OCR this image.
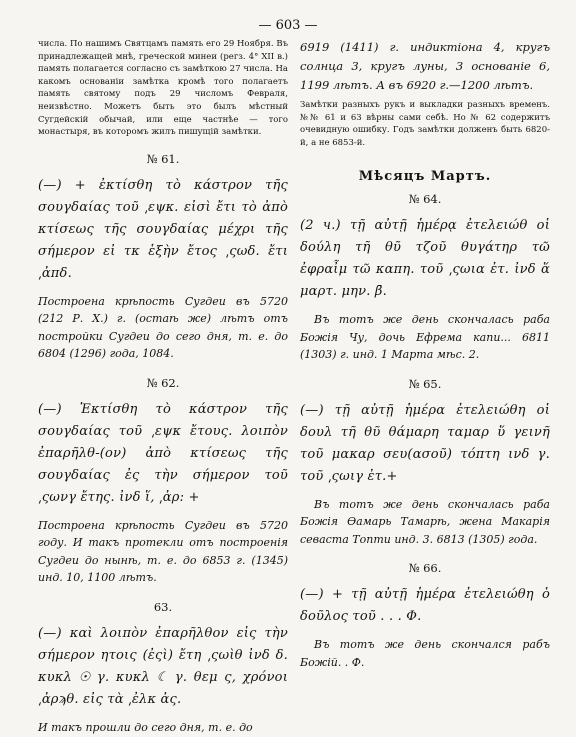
— 603 —

числа. По нашимъ Святцамъ память его 29 Ноября. Въ принадлежащей мнѣ, греческой минеи (регз. 4° XII в.) память полагается согласно съ замѣткою 27 числа. На какомъ основаніи замѣтка кромѣ того полагаетъ память святому подъ 29 числомъ Февраля, неизвѣстно. Можетъ быть это былъ мѣстный Сугдейскій обычай, или еще частнѣе — того монастыря, въ которомъ жилъ пишущій замѣтки.

№ 61.

(—) + ἐκτίσθη τὸ κάστρον τῆς σουγδαίας τοῦ ͵εψκ. εἰσὶ ἔτι τὸ ἀπὸ κτίσεως τῆς σουγδαίας μέχρι τῆς σήμερον εἰ τκ ἑξὴν ἔτος ͵ςωδ. ἔτι ͵ἀπδ.

Построена крѣпость Сугдеи въ 5720 (212 Р. Х.) г. (остаѣ же) лѣтъ отъ постройки Сугдеи до сего дня, т. е. до 6804 (1296) года, 1084.

№ 62.

(—) Ἐκτίσθη τὸ κάστρον τῆς σουγδαίας τοῦ ͵εψκ ἔτους. λοιπὸν ἐπαρῆλθ-(ον) ἀπὸ κτίσεως τῆς σουγδαίας ἐς τὴν σήμερον τοῦ ͵ςωνγ ἔτης. ἰνδ ἵ, ͵ἀρ: +

Построена крѣпость Сугдеи въ 5720 году. И такъ протекли отъ построенія Сугдеи до нынѣ, т. е. до 6853 г. (1345) инд. 10, 1100 лѣтъ.

63.

(—) καὶ λοιπὸν ἐπαρῆλθον εἰς τὴν σήμερον ητοις (ἐςὶ) ἔτη ͵ςωὶθ ἰνδ δ. κυκλ ☉ γ. κυκλ ☾ γ. θεμ ς, χρόνοι ͵ἀρϡθ. εἰς τὰ ͵ἐλκ ἀς.

И такъ прошли до сего дня, т. е. до

6919 (1411) г. индиктіона 4, кругъ солнца 3, кругъ луны, 3 основаніе 6, 1199 лѣтъ. А въ 6920 г.—1200 лѣтъ.

Замѣтки разныхъ рукъ и выкладки разныхъ временъ. №№ 61 и 63 вѣрны сами себѣ. Но № 62 содержитъ очевидную ошибку. Годъ замѣтки долженъ быть 6820-й, а не 6853-й.

Мѣсяцъ Мартъ.
№ 64.

(2 ч.) τῇ αὐτῇ ἡμέρᾳ ἐτελειώθ οἱ δούλη τῆ θῦ τζοῦ θυγάτηρ τῶ ἐφραἶμ τῶ καπη. τοῦ ͵ςωια ἐτ. ἰνδ ἅ μαρτ. μην. β̄.

Въ тотъ же день скончалась раба Божія Чу, дочь Ефрема капи... 6811 (1303) г. инд. 1 Марта мѣс. 2.

№ 65.

(—) τῇ αὐτῇ ἡμέρα ἐτελειώθη οἱ δουλ τῆ θῦ θάμαρη ταμαρ ὕ γεινῆ τοῦ μακαρ σευ(ασοῦ) τόπτη ινδ γ. τοῦ ͵ςωιγ ἐτ.+

Въ тотъ же день скончалась раба Божія Ѳамарь Тамарѣ, жена Макарія севаста Топти инд. 3. 6813 (1305) года.

№ 66.

(—) + τῇ αὐτῇ ἡμέρα ἐτελειώθη ὁ δοῦλος τοῦ . . . Φ.

Въ тотъ же день скончался рабъ Божій. . Ф.
